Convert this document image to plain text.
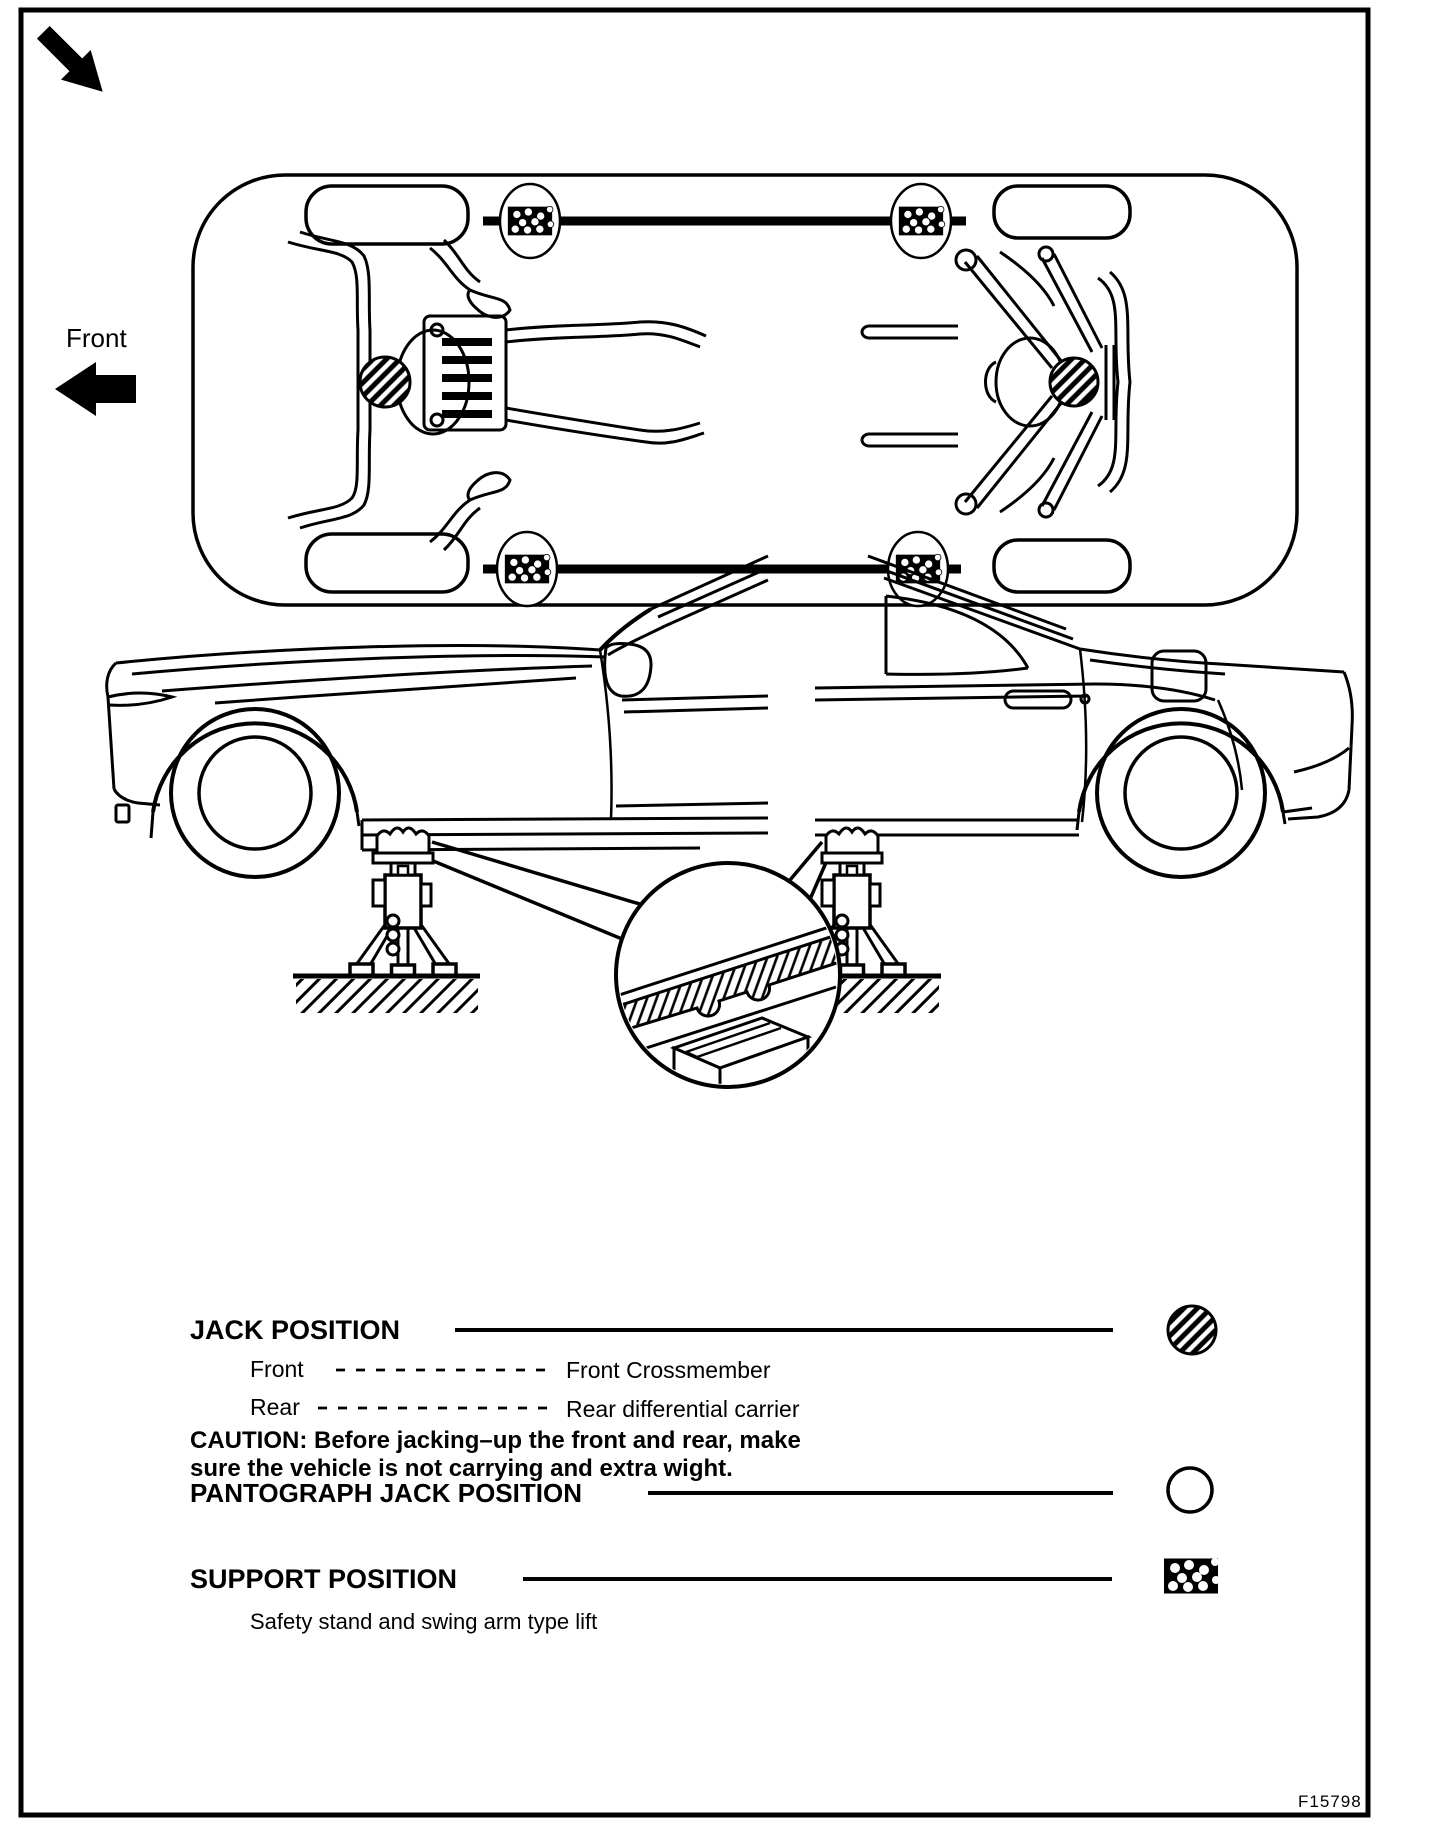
Front
JACK POSITION
Front	Front Crossmember
Rear	Rear differential carrier
CAUTION: Before jacking–up the front and rear, make
sure the vehicle is not carrying and extra wight.
PANTOGRAPH JACK POSITION
SUPPORT POSITION
Safety stand and swing arm type lift
F15798
